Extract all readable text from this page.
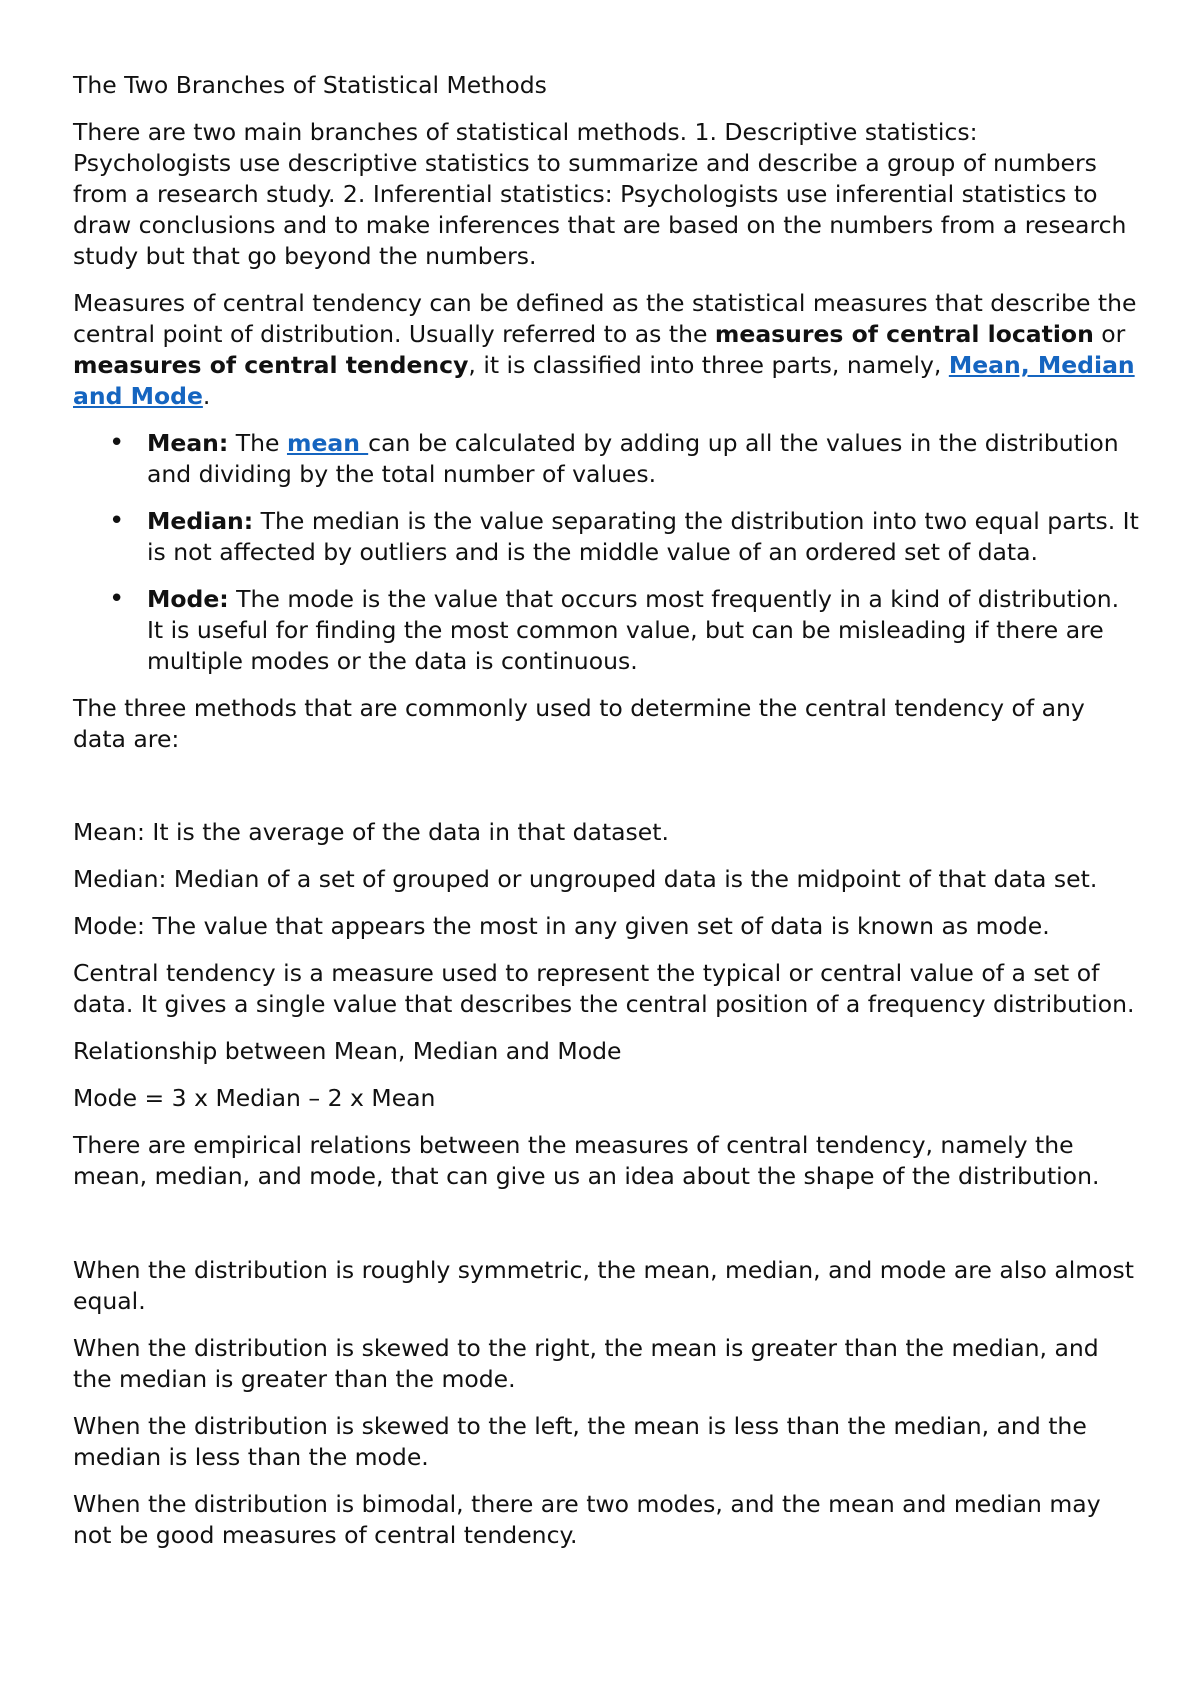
The Two Branches of Statistical Methods

There are two main branches of statistical methods. 1. Descriptive statistics: Psychologists use descriptive statistics to summarize and describe a group of numbers from a research study. 2. Inferential statistics: Psychologists use inferential statistics to draw conclusions and to make inferences that are based on the numbers from a research study but that go beyond the numbers.

Measures of central tendency can be defined as the statistical measures that describe the central point of distribution. Usually referred to as the measures of central location or measures of central tendency, it is classified into three parts, namely, Mean, Median and Mode.

• Mean: The mean can be calculated by adding up all the values in the distribution and dividing by the total number of values.
• Median: The median is the value separating the distribution into two equal parts. It is not affected by outliers and is the middle value of an ordered set of data.
• Mode: The mode is the value that occurs most frequently in a kind of distribution. It is useful for finding the most common value, but can be misleading if there are multiple modes or the data is continuous.

The three methods that are commonly used to determine the central tendency of any data are:

Mean: It is the average of the data in that dataset.

Median: Median of a set of grouped or ungrouped data is the midpoint of that data set.

Mode: The value that appears the most in any given set of data is known as mode.

Central tendency is a measure used to represent the typical or central value of a set of data. It gives a single value that describes the central position of a frequency distribution.

Relationship between Mean, Median and Mode

Mode = 3 x Median – 2 x Mean

There are empirical relations between the measures of central tendency, namely the mean, median, and mode, that can give us an idea about the shape of the distribution.

When the distribution is roughly symmetric, the mean, median, and mode are also almost equal.

When the distribution is skewed to the right, the mean is greater than the median, and the median is greater than the mode.

When the distribution is skewed to the left, the mean is less than the median, and the median is less than the mode.

When the distribution is bimodal, there are two modes, and the mean and median may not be good measures of central tendency.
